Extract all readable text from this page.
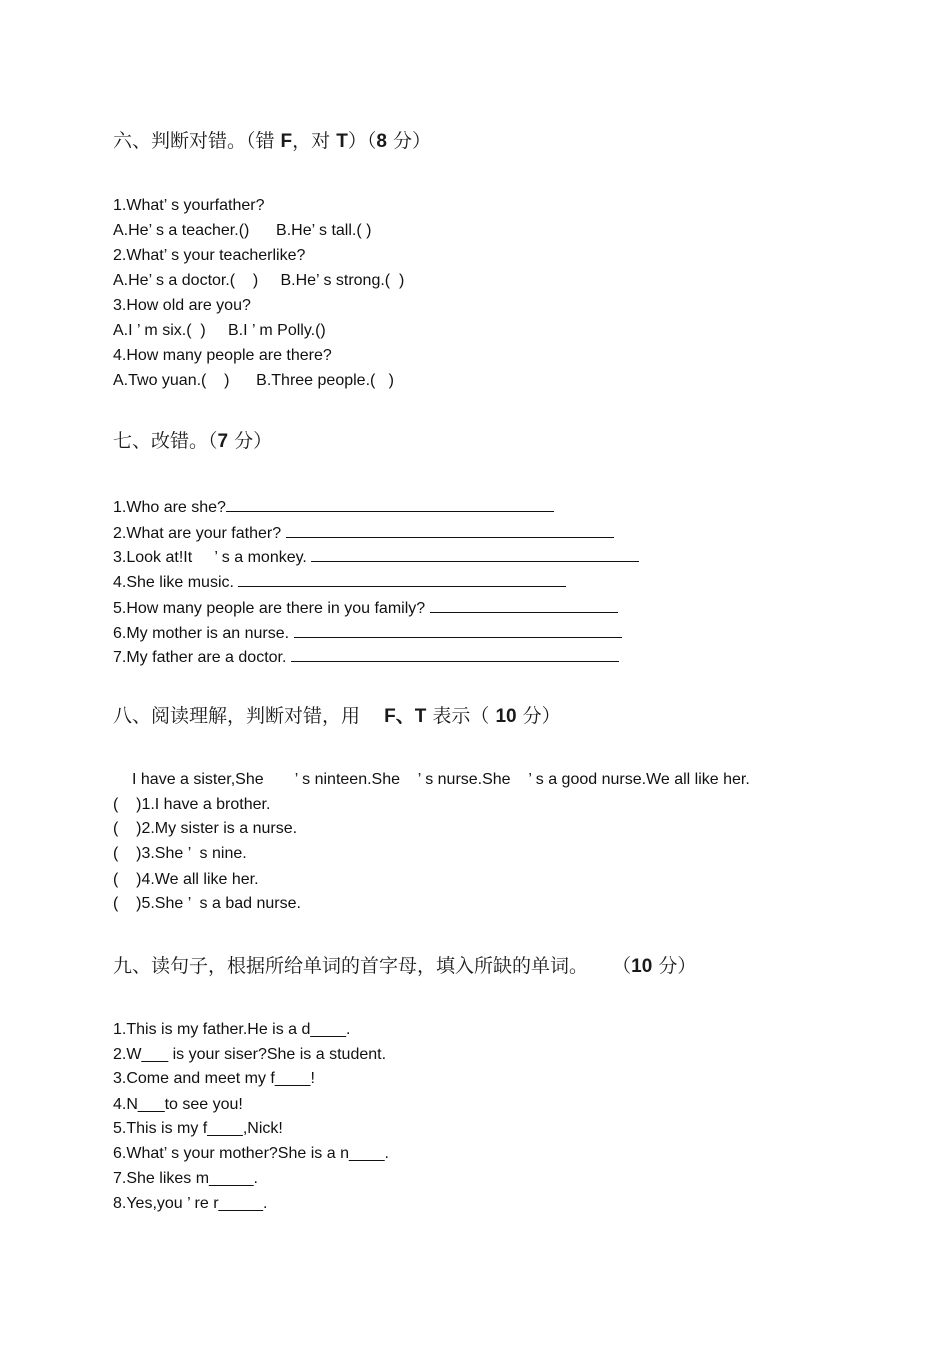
六、判断对错。（错 F，对 T）（8 分）
1.What’ s yourfather?
A.He’ s a teacher.()      B.He’ s tall.( )
2.What’ s your teacherlike?
A.He’ s a doctor.(    )     B.He’ s strong.(  )
3.How old are you?
A.I ’ m six.(  )     B.I ’ m Polly.()
4.How many people are there?
A.Two yuan.(    )      B.Three people.(   )
七、改错。（7 分）
1.Who are she?
2.What are your father?
3.Look at!It     ’ s a monkey.
4.She like music.
5.How many people are there in you family?
6.My mother is an nurse.
7.My father are a doctor.
八、阅读理解，判断对错，用    F、T 表示（ 10 分）
I have a sister,She       ’ s ninteen.She    ’ s nurse.She    ’ s a good nurse.We all like her.
(    )1.I have a brother.
(    )2.My sister is a nurse.
(    )3.She ’  s nine.
(    )4.We all like her.
(    )5.She ’  s a bad nurse.
九、读句子，根据所给单词的首字母，填入所缺的单词。    （10 分）
1.This is my father.He is a d____.
2.W___ is your siser?She is a student.
3.Come and meet my f____!
4.N___to see you!
5.This is my f____,Nick!
6.What’ s your mother?She is a n____.
7.She likes m_____.
8.Yes,you ’ re r_____.
